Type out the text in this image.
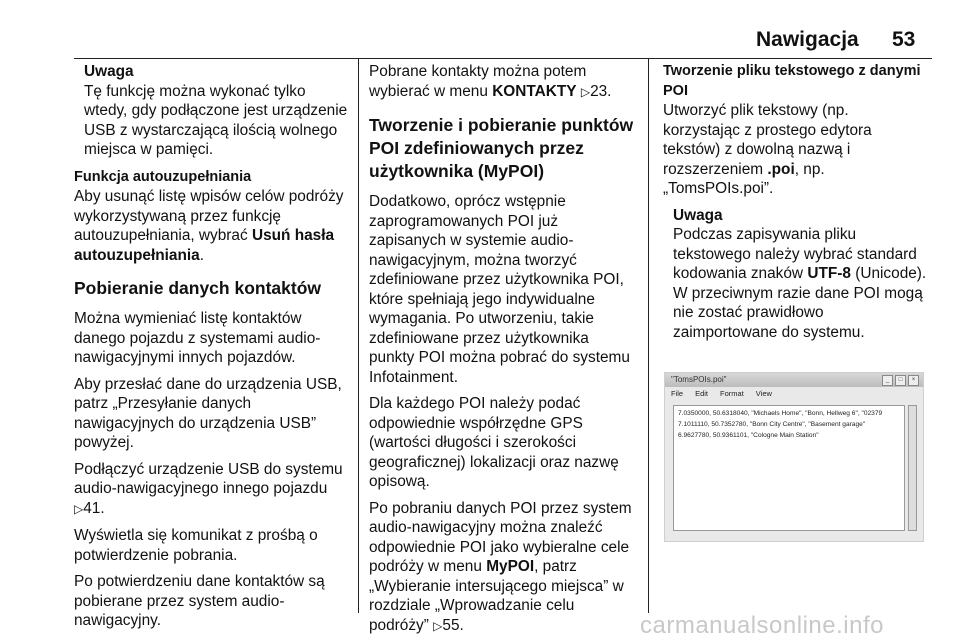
Nawigacja 53
Uwaga
Tę funkcję można wykonać tylko wtedy, gdy podłączone jest urządzenie USB z wystarczającą ilością wolnego miejsca w pamięci.

Funkcja autouzupełniania
Aby usunąć listę wpisów celów podróży wykorzystywaną przez funkcję autouzupełniania, wybrać Usuń hasła autouzupełniania.

Pobieranie danych kontaktów

Można wymieniać listę kontaktów danego pojazdu z systemami audio-nawigacyjnymi innych pojazdów.

Aby przesłać dane do urządzenia USB, patrz „Przesyłanie danych nawigacyjnych do urządzenia USB” powyżej.

Podłączyć urządzenie USB do systemu audio-nawigacyjnego innego pojazdu ▷ 41.

Wyświetla się komunikat z prośbą o potwierdzenie pobrania.

Po potwierdzeniu dane kontaktów są pobierane przez system audio-nawigacyjny.

Pobrane kontakty można potem wybierać w menu KONTAKTY ▷ 23.

Tworzenie i pobieranie punktów POI zdefiniowanych przez użytkownika (MyPOI)

Dodatkowo, oprócz wstępnie zaprogramowanych POI już zapisanych w systemie audio-nawigacyjnym, można tworzyć zdefiniowane przez użytkownika POI, które spełniają jego indywidualne wymagania. Po utworzeniu, takie zdefiniowane przez użytkownika punkty POI można pobrać do systemu Infotainment.

Dla każdego POI należy podać odpowiednie współrzędne GPS (wartości długości i szerokości geograficznej) lokalizacji oraz nazwę opisową.

Po pobraniu danych POI przez system audio-nawigacyjny można znaleźć odpowiednie POI jako wybieralne cele podróży w menu MyPOI, patrz „Wybieranie intersującego miejsca” w rozdziale „Wprowadzanie celu podróży” ▷ 55.

Tworzenie pliku tekstowego z danymi POI
Utworzyć plik tekstowy (np. korzystając z prostego edytora tekstów) z dowolną nazwą i rozszerzeniem .poi, np. „TomsPOIs.poi”.

Uwaga
Podczas zapisywania pliku tekstowego należy wybrać standard kodowania znaków UTF-8 (Unicode). W przeciwnym razie dane POI mogą nie zostać prawidłowo zaimportowane do systemu.
"TomsPOIs.poi"	_	□	×
File Edit Format View
7.0350000, 50.6318040, "Michaels Home", "Bonn, Hellweg 6", "02379
7.1011110, 50.7352780, "Bonn City Centre", "Basement garage"
6.9627780, 50.9361101, "Cologne Main Station"
carmanualsonline.info
